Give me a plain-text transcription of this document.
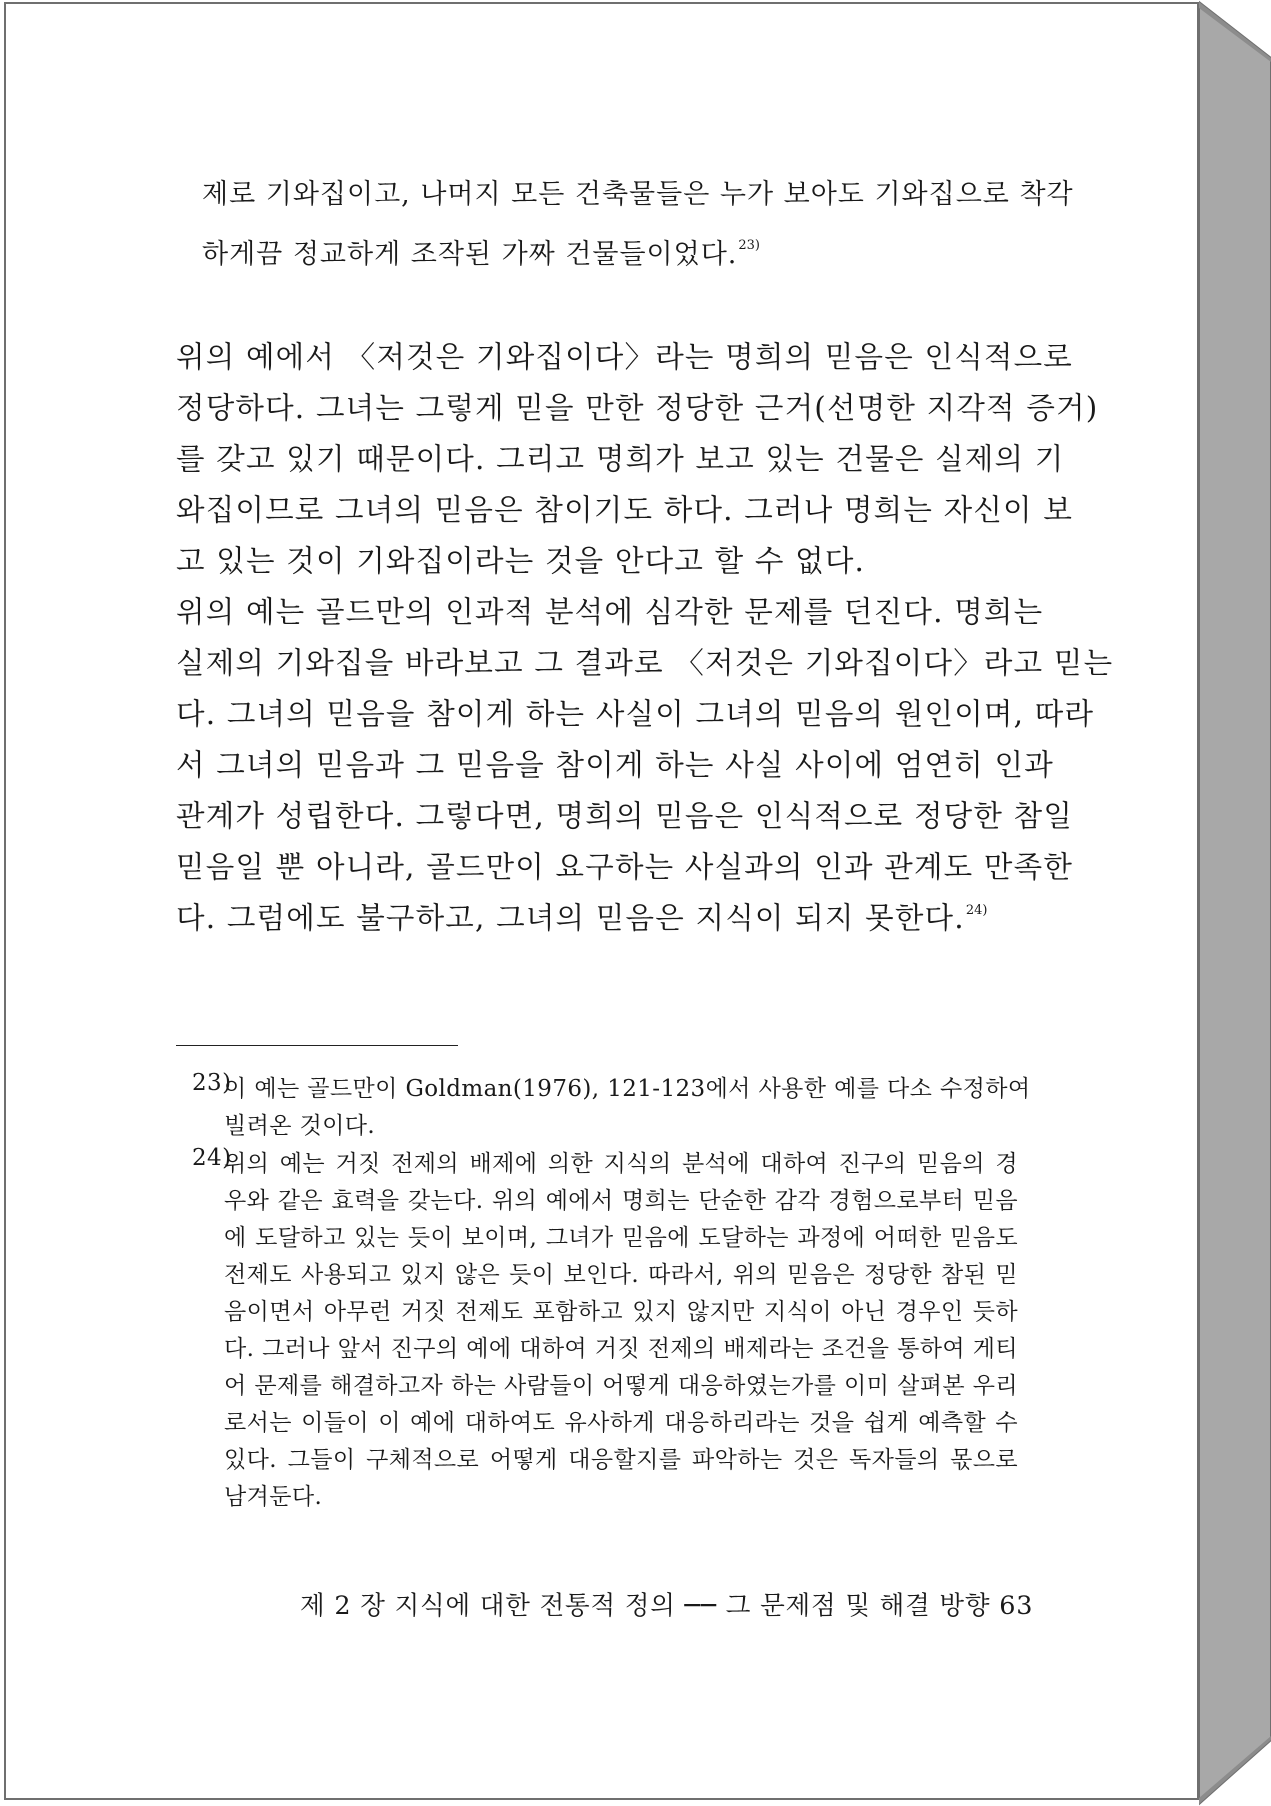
제로 기와집이고, 나머지 모든 건축물들은 누가 보아도 기와집으로 착각
하게끔 정교하게 조작된 가짜 건물들이었다.$^{23)}$
위의 예에서 〈저것은 기와집이다〉라는 명희의 믿음은 인식적으로
정당하다. 그녀는 그렇게 믿을 만한 정당한 근거(선명한 지각적 증거)
를 갖고 있기 때문이다. 그리고 명희가 보고 있는 건물은 실제의 기
와집이므로 그녀의 믿음은 참이기도 하다. 그러나 명희는 자신이 보
고 있는 것이 기와집이라는 것을 안다고 할 수 없다.
위의 예는 골드만의 인과적 분석에 심각한 문제를 던진다. 명희는
실제의 기와집을 바라보고 그 결과로 〈저것은 기와집이다〉라고 믿는
다. 그녀의 믿음을 참이게 하는 사실이 그녀의 믿음의 원인이며, 따라
서 그녀의 믿음과 그 믿음을 참이게 하는 사실 사이에 엄연히 인과
관계가 성립한다. 그렇다면, 명희의 믿음은 인식적으로 정당한 참일
믿음일 뿐 아니라, 골드만이 요구하는 사실과의 인과 관계도 만족한
다. 그럼에도 불구하고, 그녀의 믿음은 지식이 되지 못한다.$^{24)}$
23)
이 예는 골드만이 Goldman(1976), 121-123에서 사용한 예를 다소 수정하여
빌려온 것이다.
24)
위의 예는 거짓 전제의 배제에 의한 지식의 분석에 대하여 진구의 믿음의 경
우와 같은 효력을 갖는다. 위의 예에서 명희는 단순한 감각 경험으로부터 믿음
에 도달하고 있는 듯이 보이며, 그녀가 믿음에 도달하는 과정에 어떠한 믿음도
전제도 사용되고 있지 않은 듯이 보인다. 따라서, 위의 믿음은 정당한 참된 믿
음이면서 아무런 거짓 전제도 포함하고 있지 않지만 지식이 아닌 경우인 듯하
다. 그러나 앞서 진구의 예에 대하여 거짓 전제의 배제라는 조건을 통하여 게티
어 문제를 해결하고자 하는 사람들이 어떻게 대응하였는가를 이미 살펴본 우리
로서는 이들이 이 예에 대하여도 유사하게 대응하리라는 것을 쉽게 예측할 수
있다. 그들이 구체적으로 어떻게 대응할지를 파악하는 것은 독자들의 몫으로
남겨둔다.
제 2 장 지식에 대한 전통적 정의 ── 그 문제점 및 해결 방향 63
